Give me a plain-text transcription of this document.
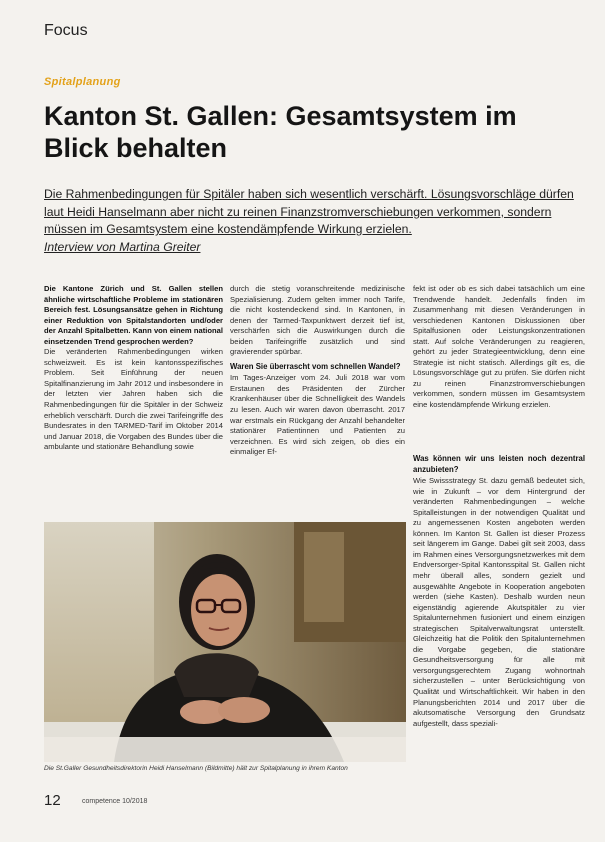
Focus
Spitalplanung
Kanton St. Gallen: Gesamtsystem im Blick behalten
Die Rahmenbedingungen für Spitäler haben sich wesentlich verschärft. Lösungsvorschläge dürfen laut Heidi Hanselmann aber nicht zu reinen Finanzstromverschiebungen verkommen, sondern müssen im Gesamtsystem eine kostendämpfende Wirkung erzielen.
Interview von Martina Greiter

Die Kantone Zürich und St. Gallen stellen ähnliche wirtschaftliche Probleme im stationären Bereich fest. Lösungsansätze gehen in Richtung einer Reduktion von Spitalstandorten und/oder der Anzahl Spitalbetten. Kann von einem national einsetzenden Trend gesprochen werden?

Die veränderten Rahmenbedingungen wirken schweizweit. Es ist kein kantonsspezifisches Problem. Seit Einführung der neuen Spitalfinanzierung im Jahr 2012 und insbesondere in der letzten vier Jahren haben sich die Rahmenbedingungen für die Spitäler in der Schweiz erheblich verschärft. Durch die zwei Tarifeingriffe des Bundesrates in den TARMED-Tarif im Oktober 2014 und Januar 2018, die Vorgaben des Bundes über die ambulante und stationäre Behandlung sowie

durch die stetig voranschreitende medizinische Spezialisierung. Zudem gelten immer noch Tarife, die nicht kostendeckend sind. In Kantonen, in denen der Tarmed-Taxpunktwert derzeit tief ist, verschärfen sich die Auswirkungen durch die beiden Tarifeingriffe zusätzlich und sind gravierender spürbar.

Waren Sie überrascht vom schnellen Wandel?

Im Tages-Anzeiger vom 24. Juli 2018 war vom Erstaunen des Präsidenten der Zürcher Krankenhäuser über die Schnelligkeit des Wandels zu lesen. Auch wir waren davon überrascht. 2017 war erstmals ein Rückgang der Anzahl behandelter stationärer Patientinnen und Patienten zu verzeichnen. Es wird sich zeigen, ob dies ein einmaliger Ef-

fekt ist oder ob es sich dabei tatsächlich um eine Trendwende handelt. Jedenfalls finden im Zusammenhang mit diesen Veränderungen in verschiedenen Kantonen Diskussionen über Spitalfusionen oder Leistungskonzentrationen statt. Auf solche Veränderungen zu reagieren, gehört zu jeder Strategieentwicklung, denn eine Strategie ist nicht statisch. Allerdings gilt es, die Lösungsvorschläge gut zu prüfen. Sie dürfen nicht zu reinen Finanzstromverschiebungen verkommen, sondern müssen im Gesamtsystem eine kostendämpfende Wirkung erzielen.

Was können wir uns leisten noch dezentral anzubieten?

Wie Swissstrategy St. dazu gemäß bedeutet sich, wie in Zukunft – vor dem Hintergrund der veränderten Rahmenbedingungen – welche Spitalleistungen in der notwendigen Qualität und zu angemessenen Kosten angeboten werden können. Im Kanton St. Gallen ist dieser Prozess seit längerem im Gange. Dabei gilt seit 2003, dass im Rahmen eines Versorgungsnetzwerkes mit dem Endversorger-Spital Kantonsspital St. Gallen nicht mehr überall alles, sondern gezielt und ausgewählte Angebote in Kooperation angeboten werden (siehe Kasten). Deshalb wurden neun eigenständig agierende Akutspitäler zu vier Spitalunternehmen fusioniert und einem einzigen strategischen Spitalverwaltungsrat unterstellt. Gleichzeitig hat die Politik den Spitalunternehmen die Vorgabe gegeben, die stationäre Gesundheitsversorgung für alle mit versorgungsgerechtem Zugang wohnortnah sicherzustellen – unter Berücksichtigung von Qualität und Wirtschaftlichkeit. Wir haben in den Planungsberichten 2014 und 2017 über die akutsomatische Versorgung den Grundsatz aufgestellt, dass speziali-

Die St.Galler Gesundheitsdirektorin Heidi Hanselmann (Bildmitte) hält zur Spitalplanung in ihrem Kanton
12	competence 10/2018
